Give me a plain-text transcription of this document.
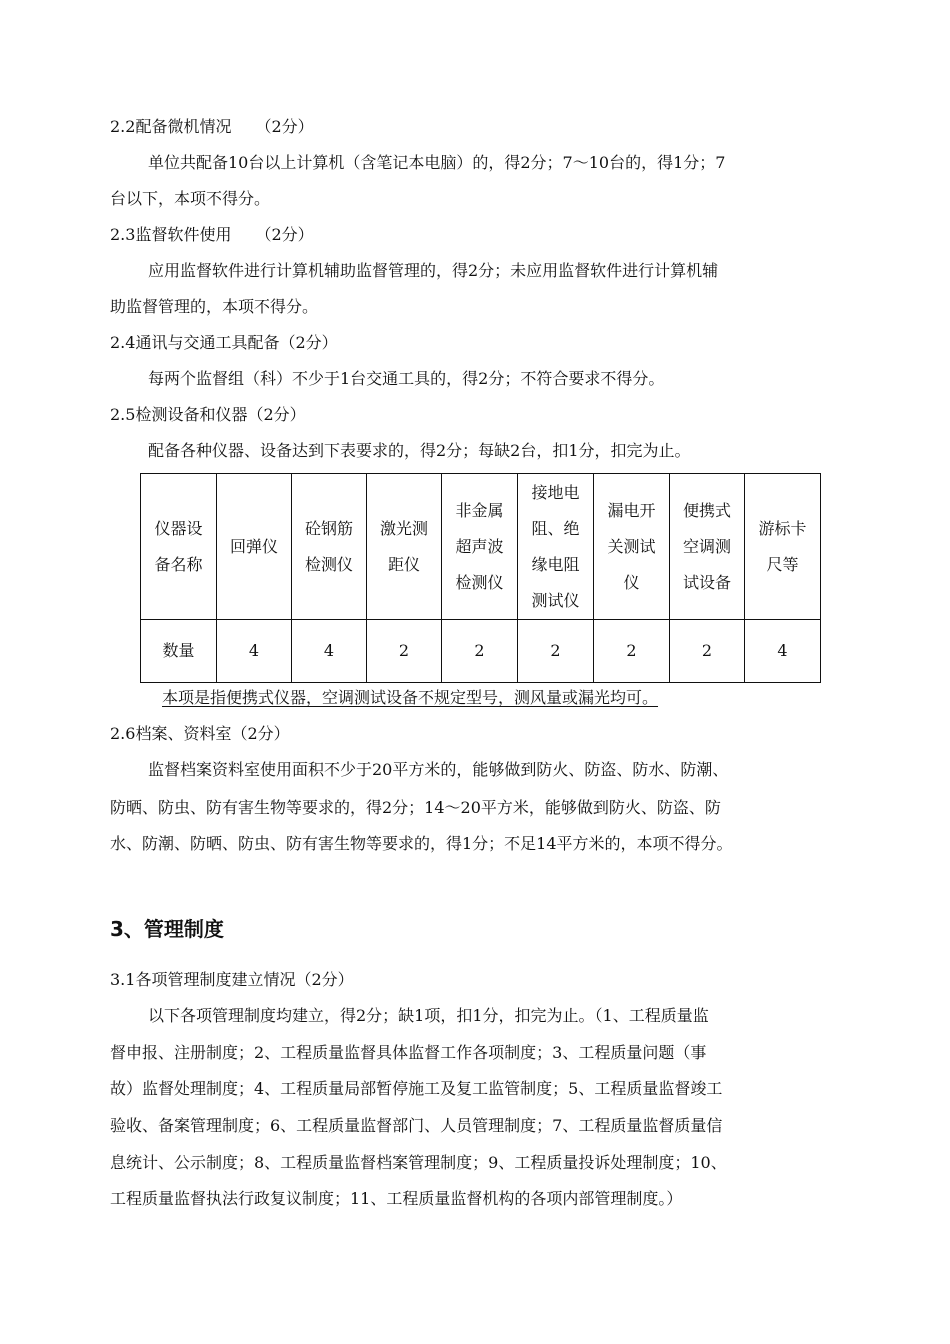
2.2配备微机情况　　（2分）
单位共配备10台以上计算机（含笔记本电脑）的，得2分；7～10台的，得1分；7
台以下，本项不得分。
2.3监督软件使用　　（2分）
应用监督软件进行计算机辅助监督管理的，得2分；未应用监督软件进行计算机辅
助监督管理的，本项不得分。
2.4通讯与交通工具配备（2分）
每两个监督组（科）不少于1台交通工具的，得2分；不符合要求不得分。
2.5检测设备和仪器（2分）
配备各种仪器、设备达到下表要求的，得2分；每缺2台，扣1分，扣完为止。
仪器设备名称	回弹仪	砼钢筋检测仪	激光测距仪	非金属超声波检测仪	接地电阻、绝缘电阻测试仪	漏电开关测试仪	便携式空调测试设备	游标卡尺等
数量	4	4	2	2	2	2	2	4
本项是指便携式仪器，空调测试设备不规定型号，测风量或漏光均可。
2.6档案、资料室（2分）
监督档案资料室使用面积不少于20平方米的，能够做到防火、防盗、防水、防潮、
防晒、防虫、防有害生物等要求的，得2分；14～20平方米，能够做到防火、防盗、防
水、防潮、防晒、防虫、防有害生物等要求的，得1分；不足14平方米的，本项不得分。
3、管理制度
3.1各项管理制度建立情况（2分）
以下各项管理制度均建立，得2分；缺1项，扣1分，扣完为止。（1、工程质量监
督申报、注册制度；2、工程质量监督具体监督工作各项制度；3、工程质量问题（事
故）监督处理制度；4、工程质量局部暂停施工及复工监管制度；5、工程质量监督竣工
验收、备案管理制度；6、工程质量监督部门、人员管理制度；7、工程质量监督质量信
息统计、公示制度；8、工程质量监督档案管理制度；9、工程质量投诉处理制度；10、
工程质量监督执法行政复议制度；11、工程质量监督机构的各项内部管理制度。）
